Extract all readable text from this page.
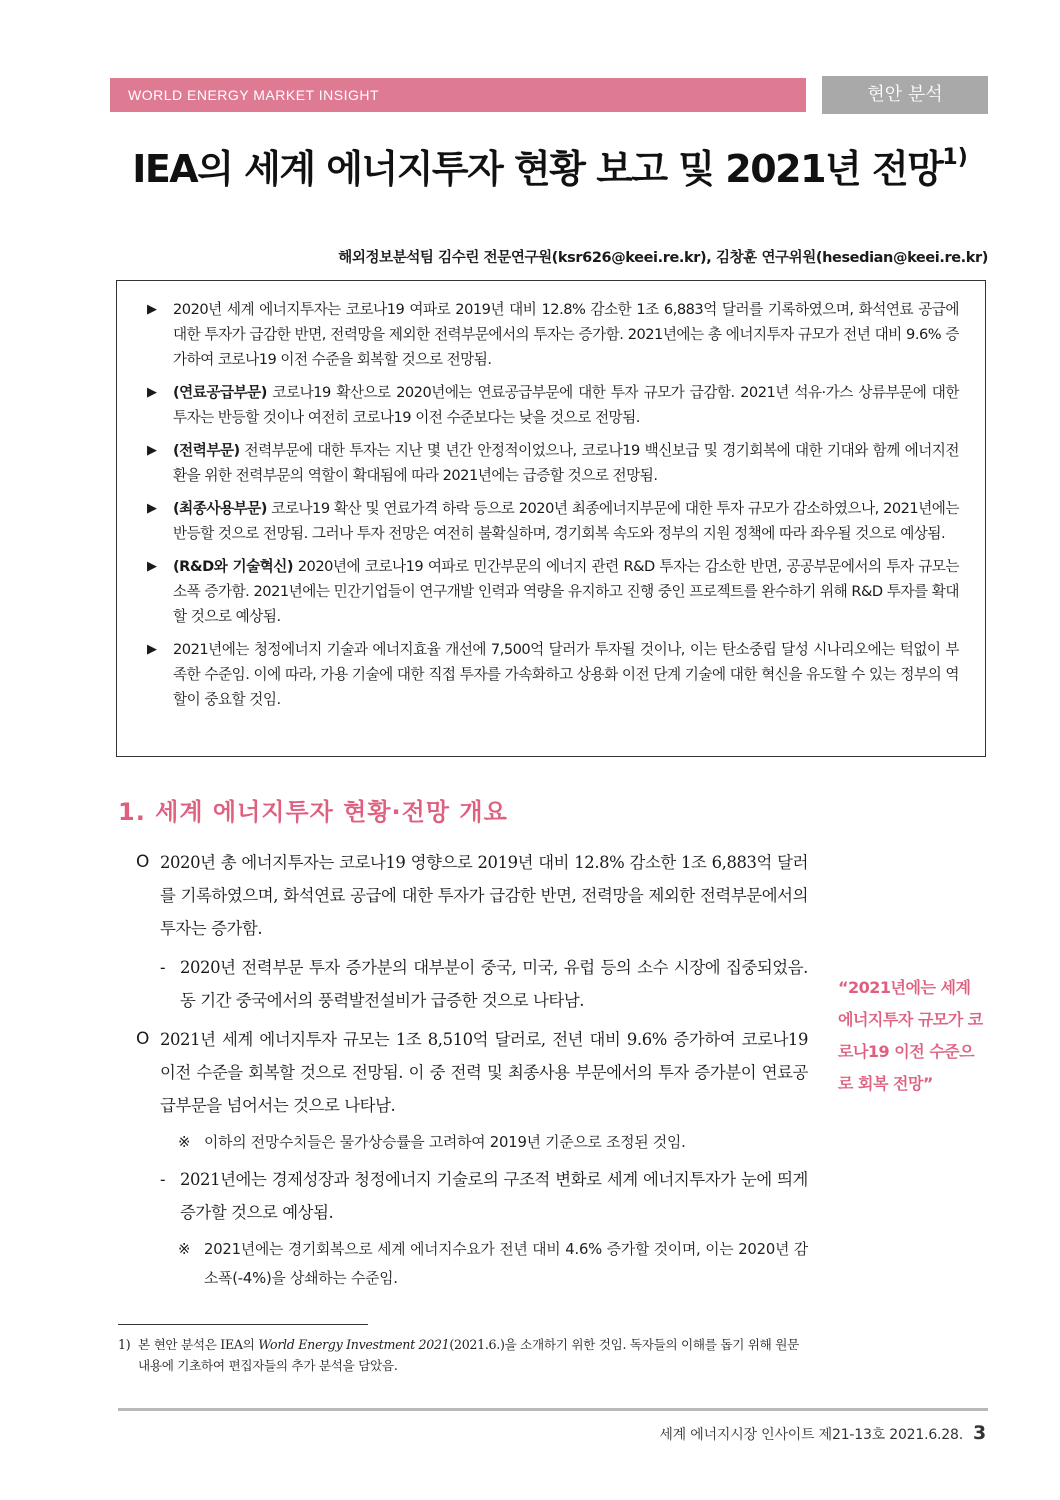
WORLD ENERGY MARKET INSIGHT	현안 분석
IEA의 세계 에너지투자 현황 보고 및 2021년 전망$^{1)}$
해외정보분석팀 김수린 전문연구원(ksr626@keei.re.kr), 김창훈 연구위원(hesedian@keei.re.kr)
▶ 2020년 세계 에너지투자는 코로나19 여파로 2019년 대비 12.8% 감소한 1조 6,883억 달러를 기록하였으며, 화석연료 공급에 대한 투자가 급감한 반면, 전력망을 제외한 전력부문에서의 투자는 증가함. 2021년에는 총 에너지투자 규모가 전년 대비 9.6% 증가하여 코로나19 이전 수준을 회복할 것으로 전망됨.
▶ (연료공급부문) 코로나19 확산으로 2020년에는 연료공급부문에 대한 투자 규모가 급감함. 2021년 석유·가스 상류부문에 대한 투자는 반등할 것이나 여전히 코로나19 이전 수준보다는 낮을 것으로 전망됨.
▶ (전력부문) 전력부문에 대한 투자는 지난 몇 년간 안정적이었으나, 코로나19 백신보급 및 경기회복에 대한 기대와 함께 에너지전환을 위한 전력부문의 역할이 확대됨에 따라 2021년에는 급증할 것으로 전망됨.
▶ (최종사용부문) 코로나19 확산 및 연료가격 하락 등으로 2020년 최종에너지부문에 대한 투자 규모가 감소하였으나, 2021년에는 반등할 것으로 전망됨. 그러나 투자 전망은 여전히 불확실하며, 경기회복 속도와 정부의 지원 정책에 따라 좌우될 것으로 예상됨.
▶ (R&D와 기술혁신) 2020년에 코로나19 여파로 민간부문의 에너지 관련 R&D 투자는 감소한 반면, 공공부문에서의 투자 규모는 소폭 증가함. 2021년에는 민간기업들이 연구개발 인력과 역량을 유지하고 진행 중인 프로젝트를 완수하기 위해 R&D 투자를 확대할 것으로 예상됨.
▶ 2021년에는 청정에너지 기술과 에너지효율 개선에 7,500억 달러가 투자될 것이나, 이는 탄소중립 달성 시나리오에는 턱없이 부족한 수준임. 이에 따라, 가용 기술에 대한 직접 투자를 가속화하고 상용화 이전 단계 기술에 대한 혁신을 유도할 수 있는 정부의 역할이 중요할 것임.
1. 세계 에너지투자 현황·전망 개요
O 2020년 총 에너지투자는 코로나19 영향으로 2019년 대비 12.8% 감소한 1조 6,883억 달러를 기록하였으며, 화석연료 공급에 대한 투자가 급감한 반면, 전력망을 제외한 전력부문에서의 투자는 증가함.
- 2020년 전력부문 투자 증가분의 대부분이 중국, 미국, 유럽 등의 소수 시장에 집중되었음. 동 기간 중국에서의 풍력발전설비가 급증한 것으로 나타남.
O 2021년 세계 에너지투자 규모는 1조 8,510억 달러로, 전년 대비 9.6% 증가하여 코로나19 이전 수준을 회복할 것으로 전망됨. 이 중 전력 및 최종사용 부문에서의 투자 증가분이 연료공급부문을 넘어서는 것으로 나타남.
※ 이하의 전망수치들은 물가상승률을 고려하여 2019년 기준으로 조정된 것임.
- 2021년에는 경제성장과 청정에너지 기술로의 구조적 변화로 세계 에너지투자가 눈에 띄게 증가할 것으로 예상됨.
※ 2021년에는 경기회복으로 세계 에너지수요가 전년 대비 4.6% 증가할 것이며, 이는 2020년 감소폭(-4%)을 상쇄하는 수준임.
“2021년에는 세계 에너지투자 규모가 코로나19 이전 수준으로 회복 전망”
1) 본 현안 분석은 IEA의 World Energy Investment 2021(2021.6.)을 소개하기 위한 것임. 독자들의 이해를 돕기 위해 원문 내용에 기초하여 편집자들의 추가 분석을 담았음.
세계 에너지시장 인사이트 제21-13호 2021.6.28. 3
